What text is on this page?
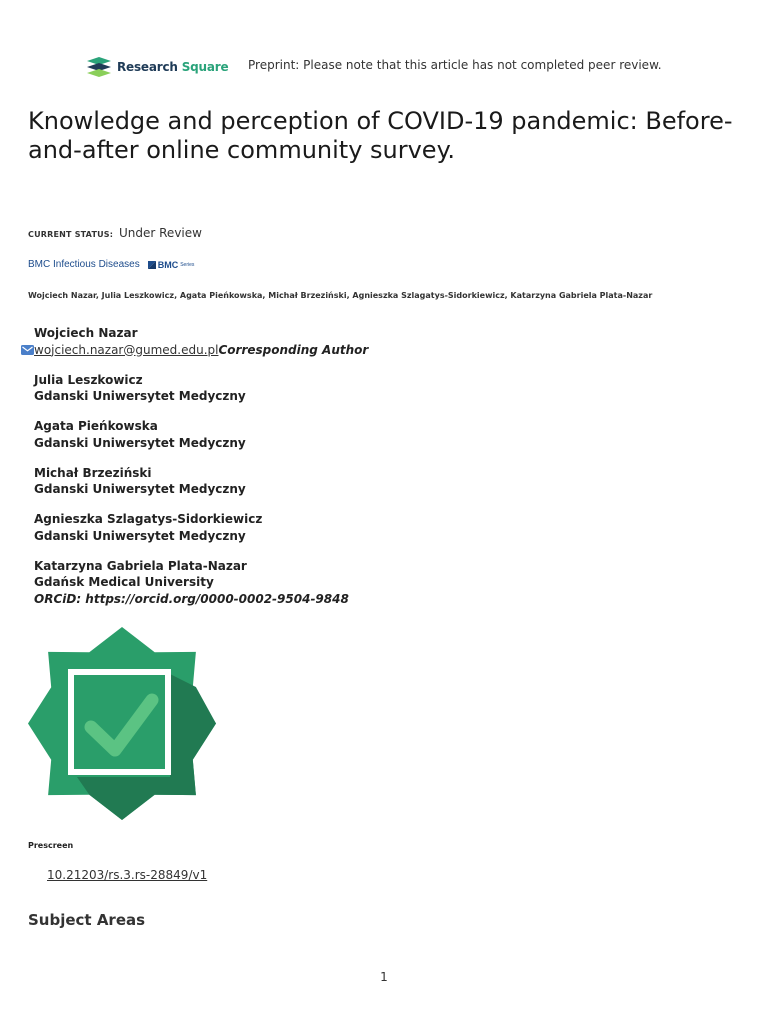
Research Square Preprint: Please note that this article has not completed peer review.
Knowledge and perception of COVID-19 pandemic: Before-and-after online community survey.
CURRENT STATUS: Under Review
BMC Infectious Diseases BMC Series
Wojciech Nazar, Julia Leszkowicz, Agata Pieńkowska, Michał Brzeziński, Agnieszka Szlagatys-Sidorkiewicz, Katarzyna Gabriela Plata-Nazar
Wojciech Nazar
wojciech.nazar@gumed.edu.plCorresponding Author
Julia Leszkowicz
Gdanski Uniwersytet Medyczny
Agata Pieńkowska
Gdanski Uniwersytet Medyczny
Michał Brzeziński
Gdanski Uniwersytet Medyczny
Agnieszka Szlagatys-Sidorkiewicz
Gdanski Uniwersytet Medyczny
Katarzyna Gabriela Plata-Nazar
Gdańsk Medical University
ORCiD: https://orcid.org/0000-0002-9504-9848
Prescreen
10.21203/rs.3.rs-28849/v1
Subject Areas
1
